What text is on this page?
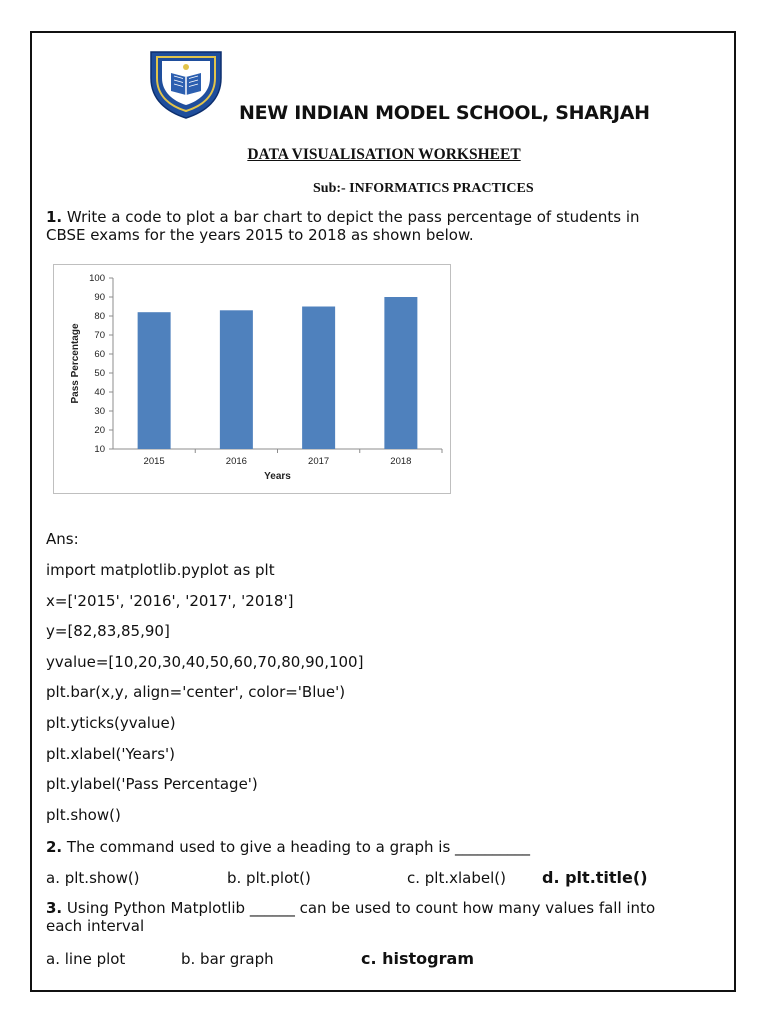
NEW INDIAN MODEL SCHOOL, SHARJAH
DATA VISUALISATION WORKSHEET
Sub:- INFORMATICS PRACTICES
1. Write a code to plot a bar chart to depict the pass percentage of students in
CBSE exams for the years 2015 to 2018 as shown below.
10
20
30
40
50
60
70
80
90
100
2015	2016	2017	2018
Years
Pass Percentage
Ans:
import matplotlib.pyplot as plt
x=['2015', '2016', '2017', '2018']
y=[82,83,85,90]
yvalue=[10,20,30,40,50,60,70,80,90,100]
plt.bar(x,y, align='center', color='Blue')
plt.yticks(yvalue)
plt.xlabel('Years')
plt.ylabel('Pass Percentage')
plt.show()
2. The command used to give a heading to a graph is __________
a. plt.show()	b. plt.plot()	c. plt.xlabel() d. plt.title()
3. Using Python Matplotlib ______ can be used to count how many values fall into
each interval
a. line plot	b. bar graph	c. histogram
